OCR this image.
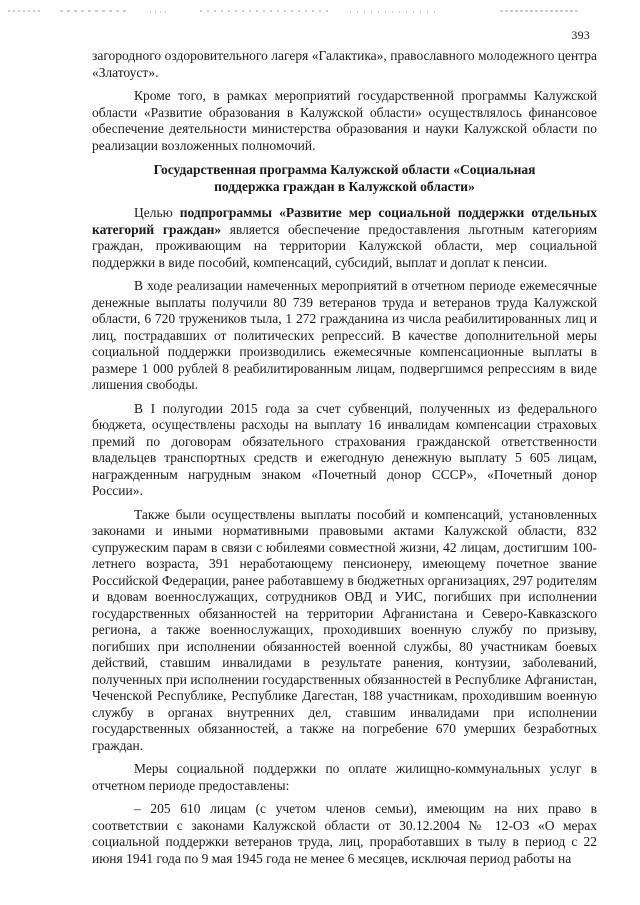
393

загородного оздоровительного лагеря «Галактика», православного молодежного центра «Златоуст».

Кроме того, в рамках мероприятий государственной программы Калужской области «Развитие образования в Калужской области» осуществлялось финансовое обеспечение деятельности министерства образования и науки Калужской области по реализации возложенных полномочий.

Государственная программа Калужской области «Социальная поддержка граждан в Калужской области»

Целью подпрограммы «Развитие мер социальной поддержки отдельных категорий граждан» является обеспечение предоставления льготным категориям граждан, проживающим на территории Калужской области, мер социальной поддержки в виде пособий, компенсаций, субсидий, выплат и доплат к пенсии.

В ходе реализации намеченных мероприятий в отчетном периоде ежемесячные денежные выплаты получили 80 739 ветеранов труда и ветеранов труда Калужской области, 6 720 тружеников тыла, 1 272 гражданина из числа реабилитированных лиц и лиц, пострадавших от политических репрессий. В качестве дополнительной меры социальной поддержки производились ежемесячные компенсационные выплаты в размере 1 000 рублей 8 реабилитированным лицам, подвергшимся репрессиям в виде лишения свободы.

В I полугодии 2015 года за счет субвенций, полученных из федерального бюджета, осуществлены расходы на выплату 16 инвалидам компенсации страховых премий по договорам обязательного страхования гражданской ответственности владельцев транспортных средств и ежегодную денежную выплату 5 605 лицам, награжденным нагрудным знаком «Почетный донор СССР», «Почетный донор России».

Также были осуществлены выплаты пособий и компенсаций, установленных законами и иными нормативными правовыми актами Калужской области, 832 супружеским парам в связи с юбилеями совместной жизни, 42 лицам, достигшим 100-летнего возраста, 391 неработающему пенсионеру, имеющему почетное звание Российской Федерации, ранее работавшему в бюджетных организациях, 297 родителям и вдовам военнослужащих, сотрудников ОВД и УИС, погибших при исполнении государственных обязанностей на территории Афганистана и Северо-Кавказского региона, а также военнослужащих, проходивших военную службу по призыву, погибших при исполнении обязанностей военной службы, 80 участникам боевых действий, ставшим инвалидами в результате ранения, контузии, заболеваний, полученных при исполнении государственных обязанностей в Республике Афганистан, Чеченской Республике, Республике Дагестан, 188 участникам, проходившим военную службу в органах внутренних дел, ставшим инвалидами при исполнении государственных обязанностей, а также на погребение 670 умерших безработных граждан.

Меры социальной поддержки по оплате жилищно-коммунальных услуг в отчетном периоде предоставлены:

– 205 610 лицам (с учетом членов семьи), имеющим на них право в соответствии с законами Калужской области от 30.12.2004 № 12-ОЗ «О мерах социальной поддержки ветеранов труда, лиц, проработавших в тылу в период с 22 июня 1941 года по 9 мая 1945 года не менее 6 месяцев, исключая период работы на
